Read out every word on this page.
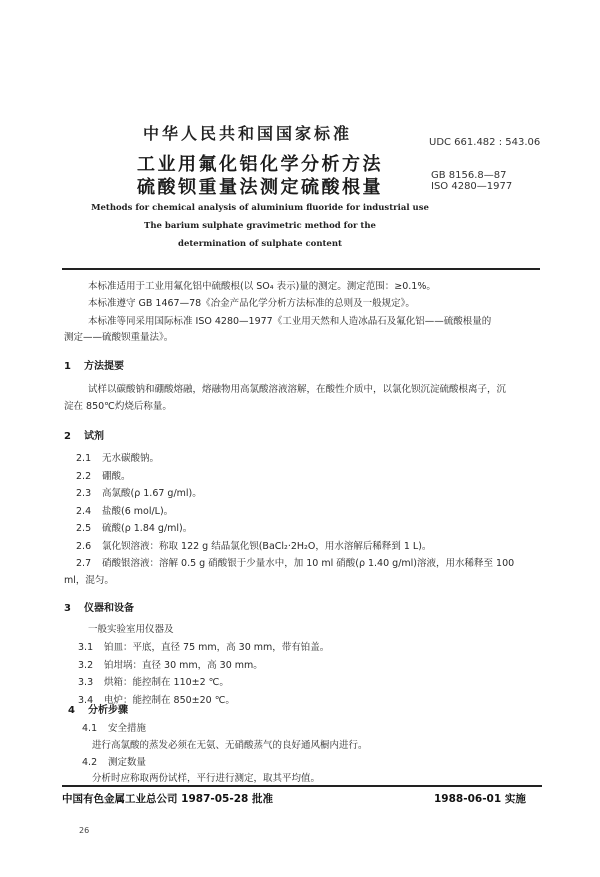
中华人民共和国国家标准	UDC 661.482 : 543.06
工业用氟化铝化学分析方法
硫酸钡重量法测定硫酸根量
GB 8156.8—87
ISO 4280—1977
Methods for chemical analysis of aluminium fluoride for industrial use
The barium sulphate gravimetric method for the
determination of sulphate content
本标准适用于工业用氟化铝中硫酸根(以 SO₄ 表示)量的测定。测定范围：≥0.1%。
本标准遵守 GB 1467—78《冶金产品化学分析方法标准的总则及一般规定》。
本标准等同采用国际标准 ISO 4280—1977《工业用天然和人造冰晶石及氟化铝——硫酸根量的
测定——硫酸钡重量法》。
1 方法提要
试样以碳酸钠和硼酸熔融，熔融物用高氯酸溶液溶解，在酸性介质中，以氯化钡沉淀硫酸根离子，沉
淀在 850℃灼烧后称量。
2 试剂
2.1 无水碳酸钠。
2.2 硼酸。
2.3 高氯酸(ρ 1.67 g/ml)。
2.4 盐酸(6 mol/L)。
2.5 硫酸(ρ 1.84 g/ml)。
2.6 氯化钡溶液：称取 122 g 结晶氯化钡(BaCl₂·2H₂O，用水溶解后稀释到 1 L)。
2.7 硝酸银溶液：溶解 0.5 g 硝酸银于少量水中，加 10 ml 硝酸(ρ 1.40 g/ml)溶液，用水稀释至 100
ml，混匀。
3 仪器和设备
一般实验室用仪器及
3.1 铂皿：平底，直径 75 mm，高 30 mm，带有铂盖。
3.2 铂坩埚：直径 30 mm，高 30 mm。
3.3 烘箱：能控制在 110±2 ℃。
3.4 电炉：能控制在 850±20 ℃。
4 分析步骤
4.1 安全措施
进行高氯酸的蒸发必须在无氨、无硝酸蒸气的良好通风橱内进行。
4.2 测定数量
分析时应称取两份试样，平行进行测定，取其平均值。
中国有色金属工业总公司 1987-05-28 批准	1988-06-01 实施
26
